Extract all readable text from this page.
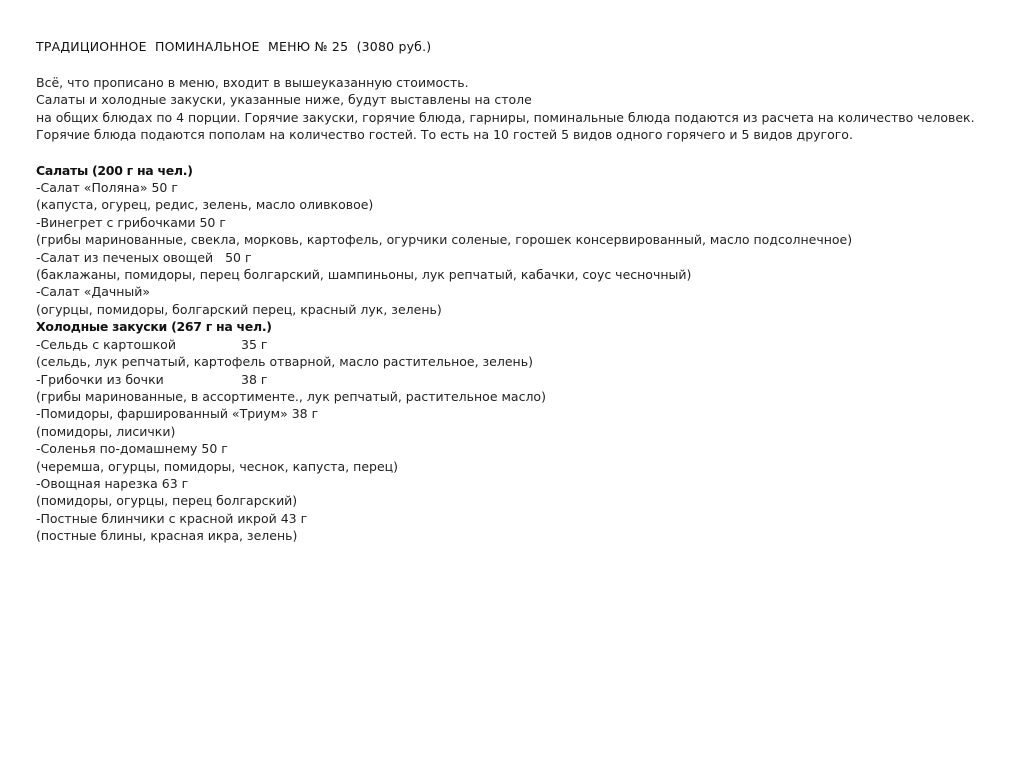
ТРАДИЦИОННОЕ  ПОМИНАЛЬНОЕ  МЕНЮ № 25  (3080 руб.)
Всё, что прописано в меню, входит в вышеуказанную стоимость.
Салаты и холодные закуски, указанные ниже, будут выставлены на столе
на общих блюдах по 4 порции. Горячие закуски, горячие блюда, гарниры, поминальные блюда подаются из расчета на количество человек.
Горячие блюда подаются пополам на количество гостей. То есть на 10 гостей 5 видов одного горячего и 5 видов другого.
Салаты (200 г на чел.)
-Салат «Поляна» 50 г
(капуста, огурец, редис, зелень, масло оливковое)
-Винегрет с грибочками 50 г
(грибы маринованные, свекла, морковь, картофель, огурчики соленые, горошек консервированный, масло подсолнечное)
-Салат из печеных овощей   50 г
(баклажаны, помидоры, перец болгарский, шампиньоны, лук репчатый, кабачки, соус чесночный)
-Салат «Дачный»
(огурцы, помидоры, болгарский перец, красный лук, зелень)
Холодные закуски (267 г на чел.)
-Сельдь с картошкой	35 г
(сельдь, лук репчатый, картофель отварной, масло растительное, зелень)
-Грибочки из бочки	38 г
(грибы маринованные, в ассортименте., лук репчатый, растительное масло)
-Помидоры, фаршированный «Триум» 38 г
(помидоры, лисички)
-Соленья по-домашнему 50 г
(черемша, огурцы, помидоры, чеснок, капуста, перец)
-Овощная нарезка 63 г
(помидоры, огурцы, перец болгарский)
-Постные блинчики с красной икрой 43 г
(постные блины, красная икра, зелень)
